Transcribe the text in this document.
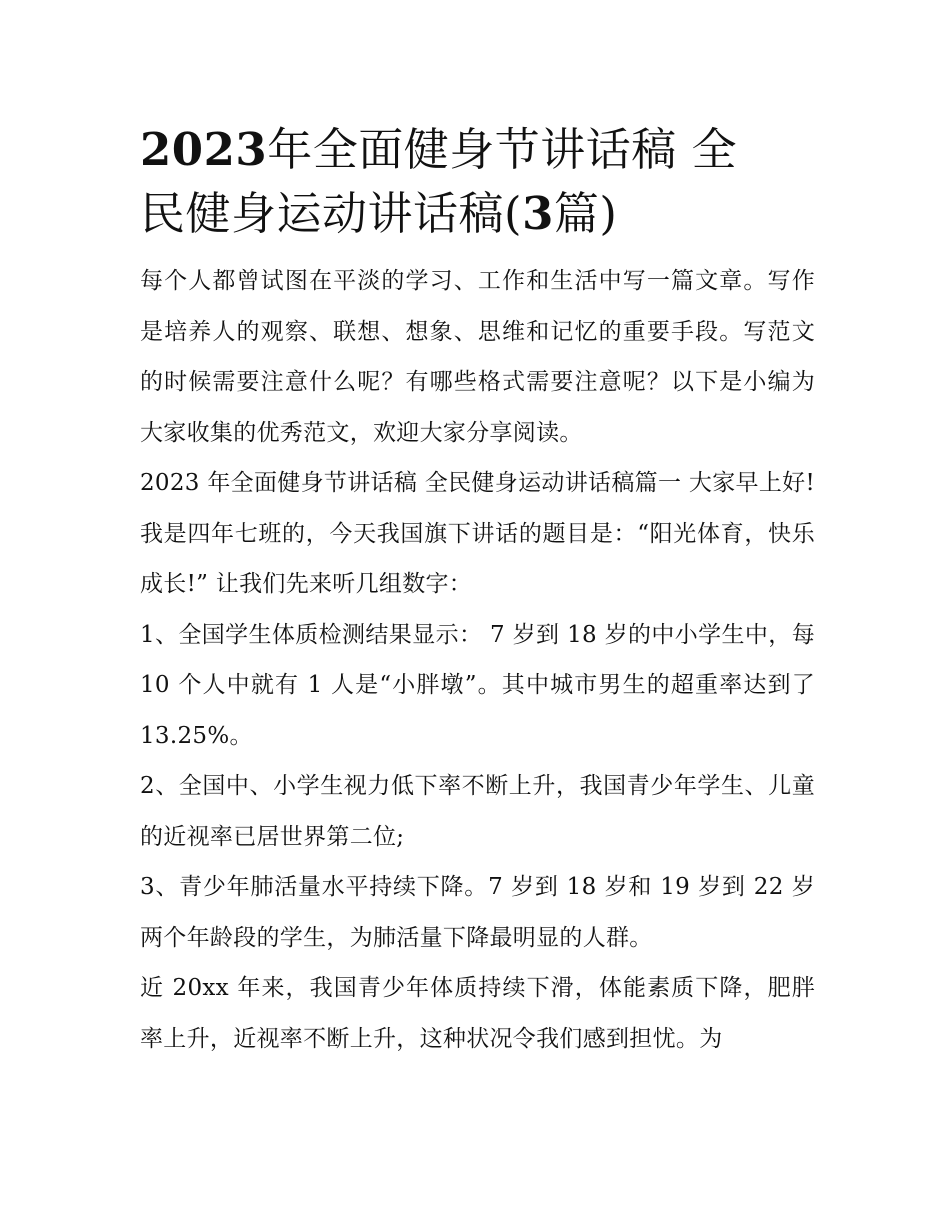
2023年全面健身节讲话稿 全
民健身运动讲话稿(3篇)

每个人都曾试图在平淡的学习、工作和生活中写一篇文章。写作是培养人的观察、联想、想象、思维和记忆的重要手段。写范文的时候需要注意什么呢？有哪些格式需要注意呢？以下是小编为大家收集的优秀范文，欢迎大家分享阅读。

2023 年全面健身节讲话稿 全民健身运动讲话稿篇一 大家早上好! 我是四年七班的，今天我国旗下讲话的题目是：“阳光体育，快乐成长!” 让我们先来听几组数字：

1、全国学生体质检测结果显示： 7 岁到 18 岁的中小学生中，每 10 个人中就有 1 人是“小胖墩”。其中城市男生的超重率达到了 13.25%。

2、全国中、小学生视力低下率不断上升，我国青少年学生、儿童的近视率已居世界第二位;

3、青少年肺活量水平持续下降。7 岁到 18 岁和 19 岁到 22 岁两个年龄段的学生，为肺活量下降最明显的人群。

近 20xx 年来，我国青少年体质持续下滑，体能素质下降，肥胖率上升，近视率不断上升，这种状况令我们感到担忧。为
